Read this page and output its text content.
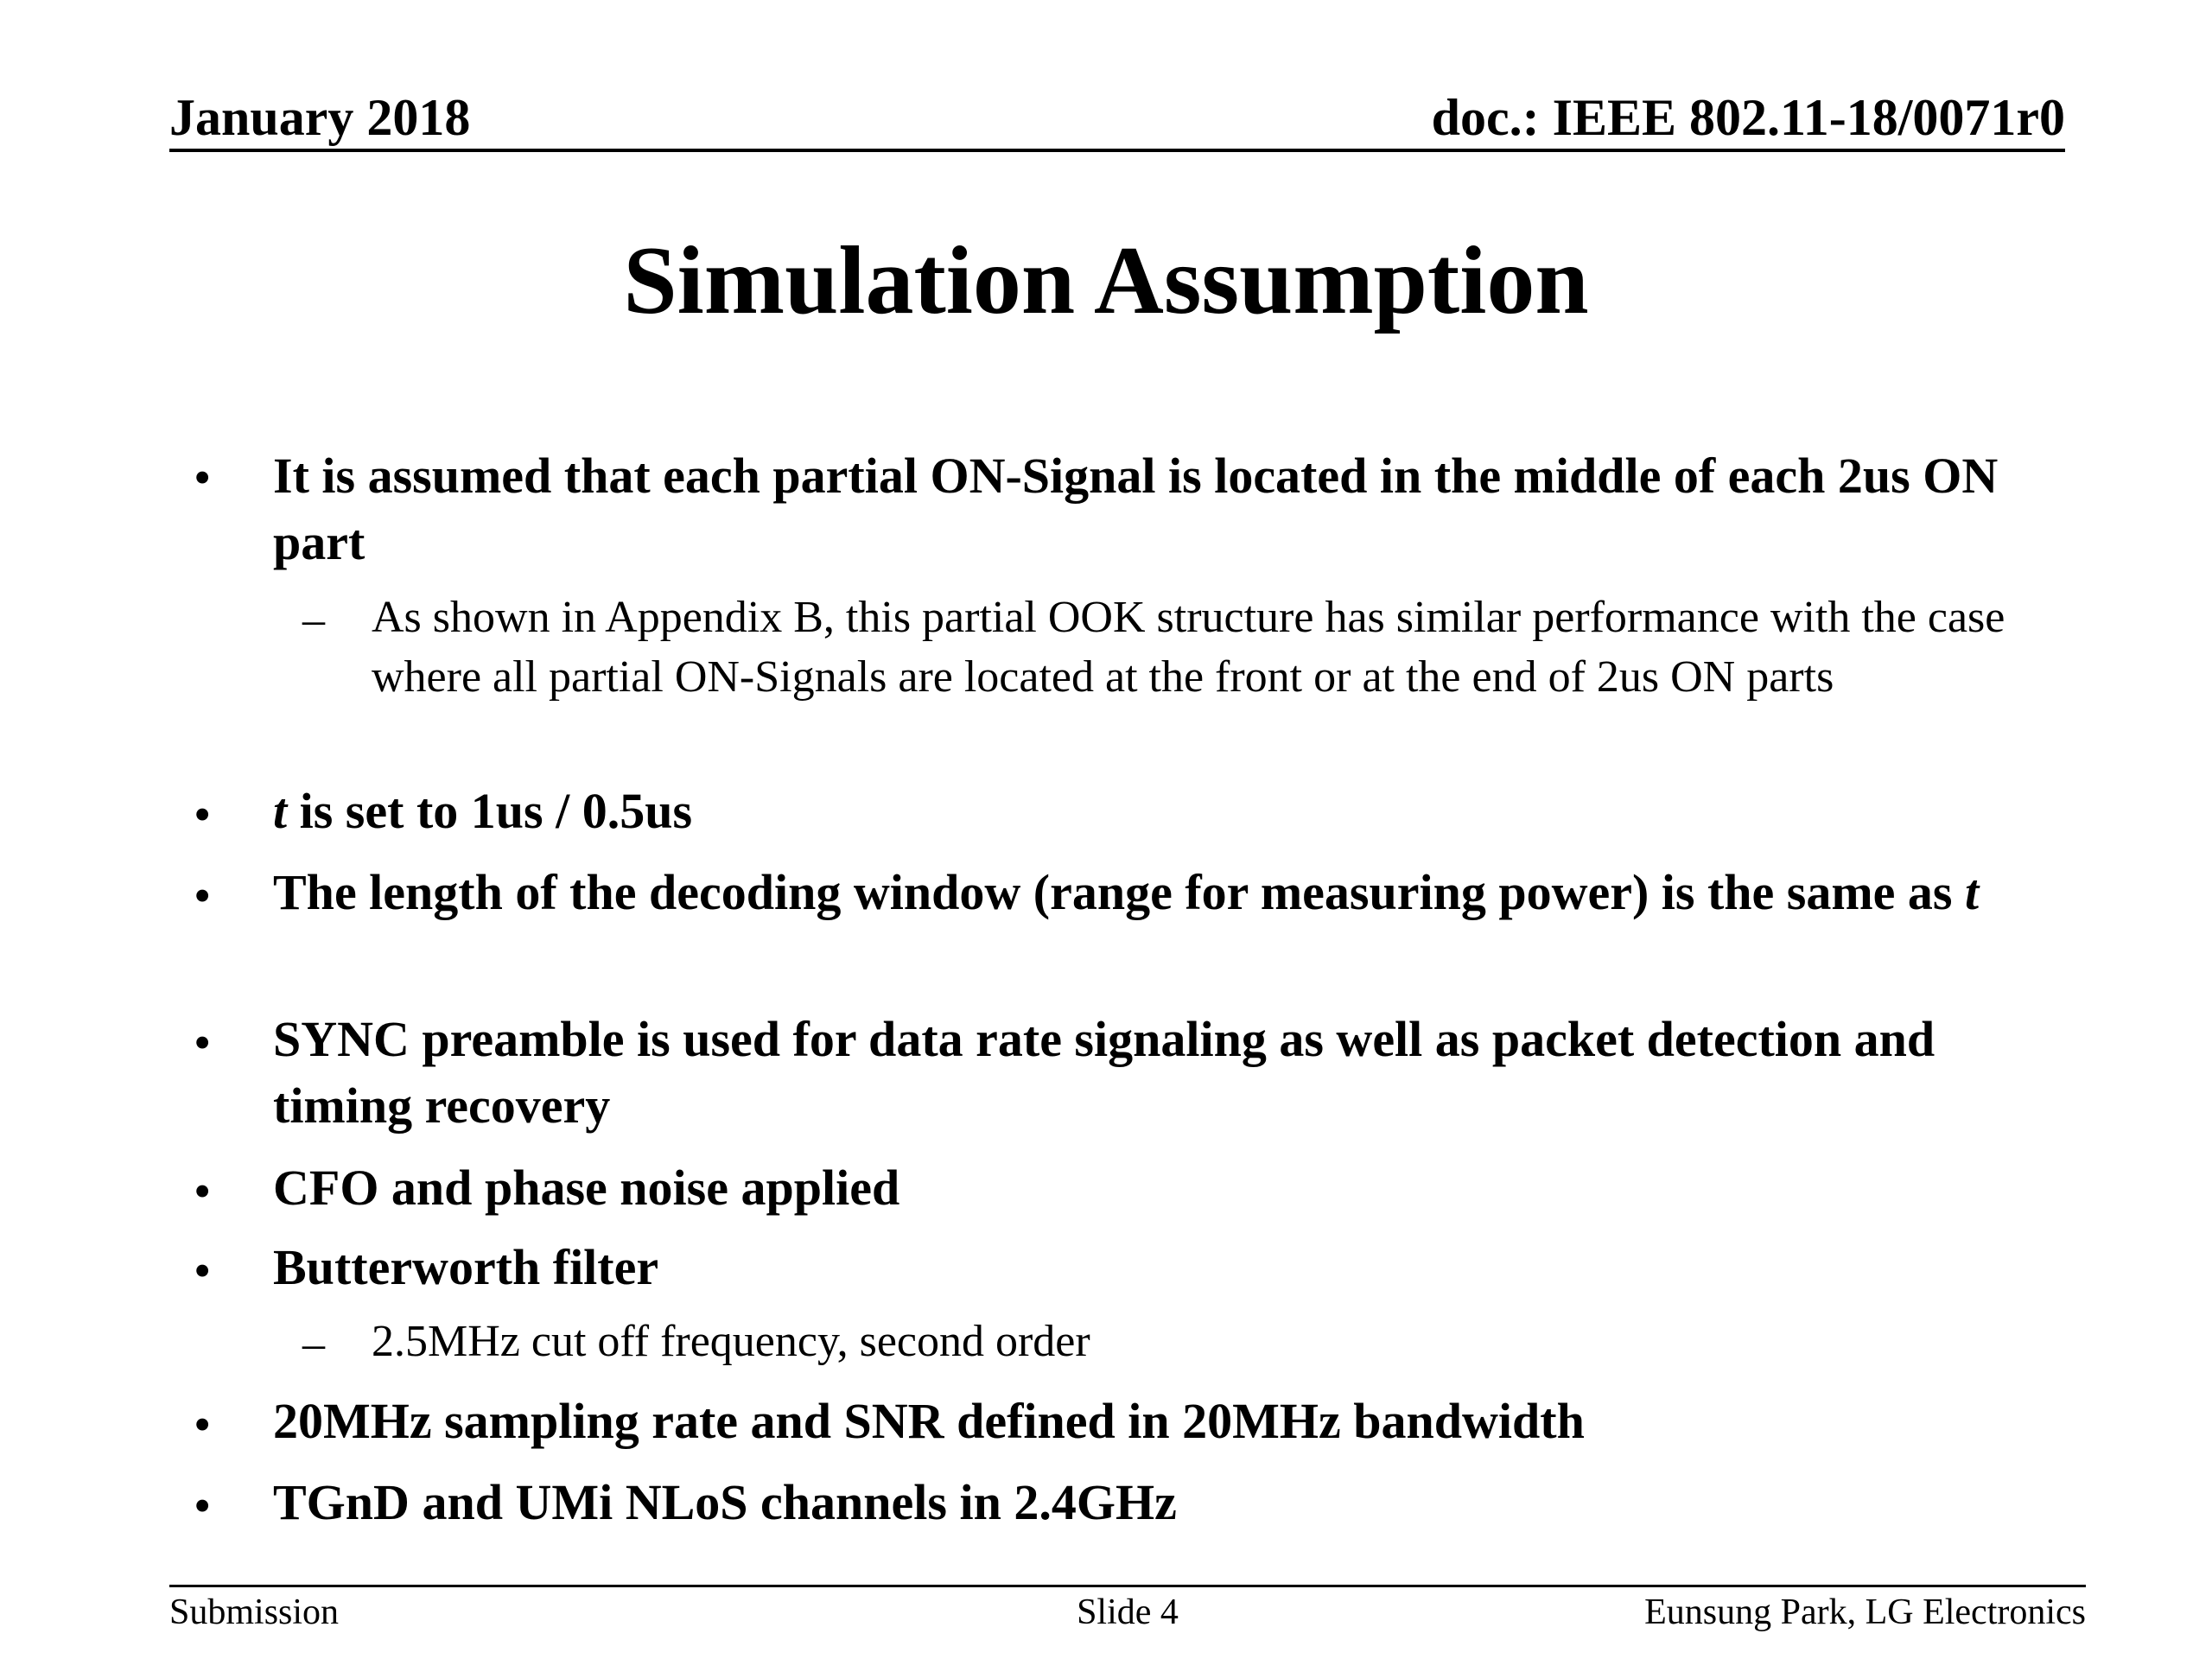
January 2018	doc.: IEEE 802.11-18/0071r0
Simulation Assumption
• It is assumed that each partial ON-Signal is located in the middle of each 2us ON part
– As shown in Appendix B, this partial OOK structure has similar performance with the case where all partial ON-Signals are located at the front or at the end of 2us ON parts
• t is set to 1us / 0.5us
• The length of the decoding window (range for measuring power) is the same as t
• SYNC preamble is used for data rate signaling as well as packet detection and timing recovery
• CFO and phase noise applied
• Butterworth filter
– 2.5MHz cut off frequency, second order
• 20MHz sampling rate and SNR defined in 20MHz bandwidth
• TGnD and UMi NLoS channels in 2.4GHz
Submission	Slide 4	Eunsung Park, LG Electronics
